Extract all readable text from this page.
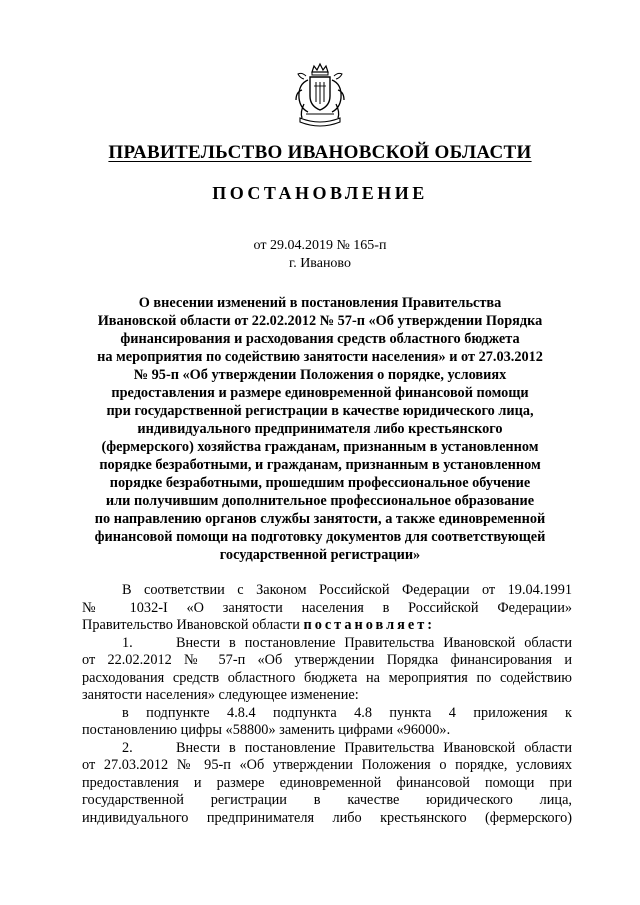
ПРАВИТЕЛЬСТВО ИВАНОВСКОЙ ОБЛАСТИ
ПОСТАНОВЛЕНИЕ
от 29.04.2019 № 165-п
г. Иваново
О внесении изменений в постановления Правительства
Ивановской области от 22.02.2012 № 57-п «Об утверждении Порядка
финансирования и расходования средств областного бюджета
на мероприятия по содействию занятости населения» и от 27.03.2012
№ 95-п «Об утверждении Положения о порядке, условиях
предоставления и размере единовременной финансовой помощи
при государственной регистрации в качестве юридического лица,
индивидуального предпринимателя либо крестьянского
(фермерского) хозяйства гражданам, признанным в установленном
порядке безработными, и гражданам, признанным в установленном
порядке безработными, прошедшим профессиональное обучение
или получившим дополнительное профессиональное образование
по направлению органов службы занятости, а также единовременной
финансовой помощи на подготовку документов для соответствующей
государственной регистрации»
В соответствии с Законом Российской Федерации от 19.04.1991
№ 1032-I «О занятости населения в Российской Федерации»
Правительство Ивановской области постановляет:
1.	Внести в постановление Правительства Ивановской области
от 22.02.2012 № 57-п «Об утверждении Порядка финансирования и
расходования средств областного бюджета на мероприятия по содействию
занятости населения» следующее изменение:
в подпункте 4.8.4 подпункта 4.8 пункта 4 приложения к
постановлению цифры «58800» заменить цифрами «96000».
2.	Внести в постановление Правительства Ивановской области
от 27.03.2012 № 95-п «Об утверждении Положения о порядке, условиях
предоставления и размере единовременной финансовой помощи при
государственной регистрации в качестве юридического лица,
индивидуального предпринимателя либо крестьянского (фермерского)
